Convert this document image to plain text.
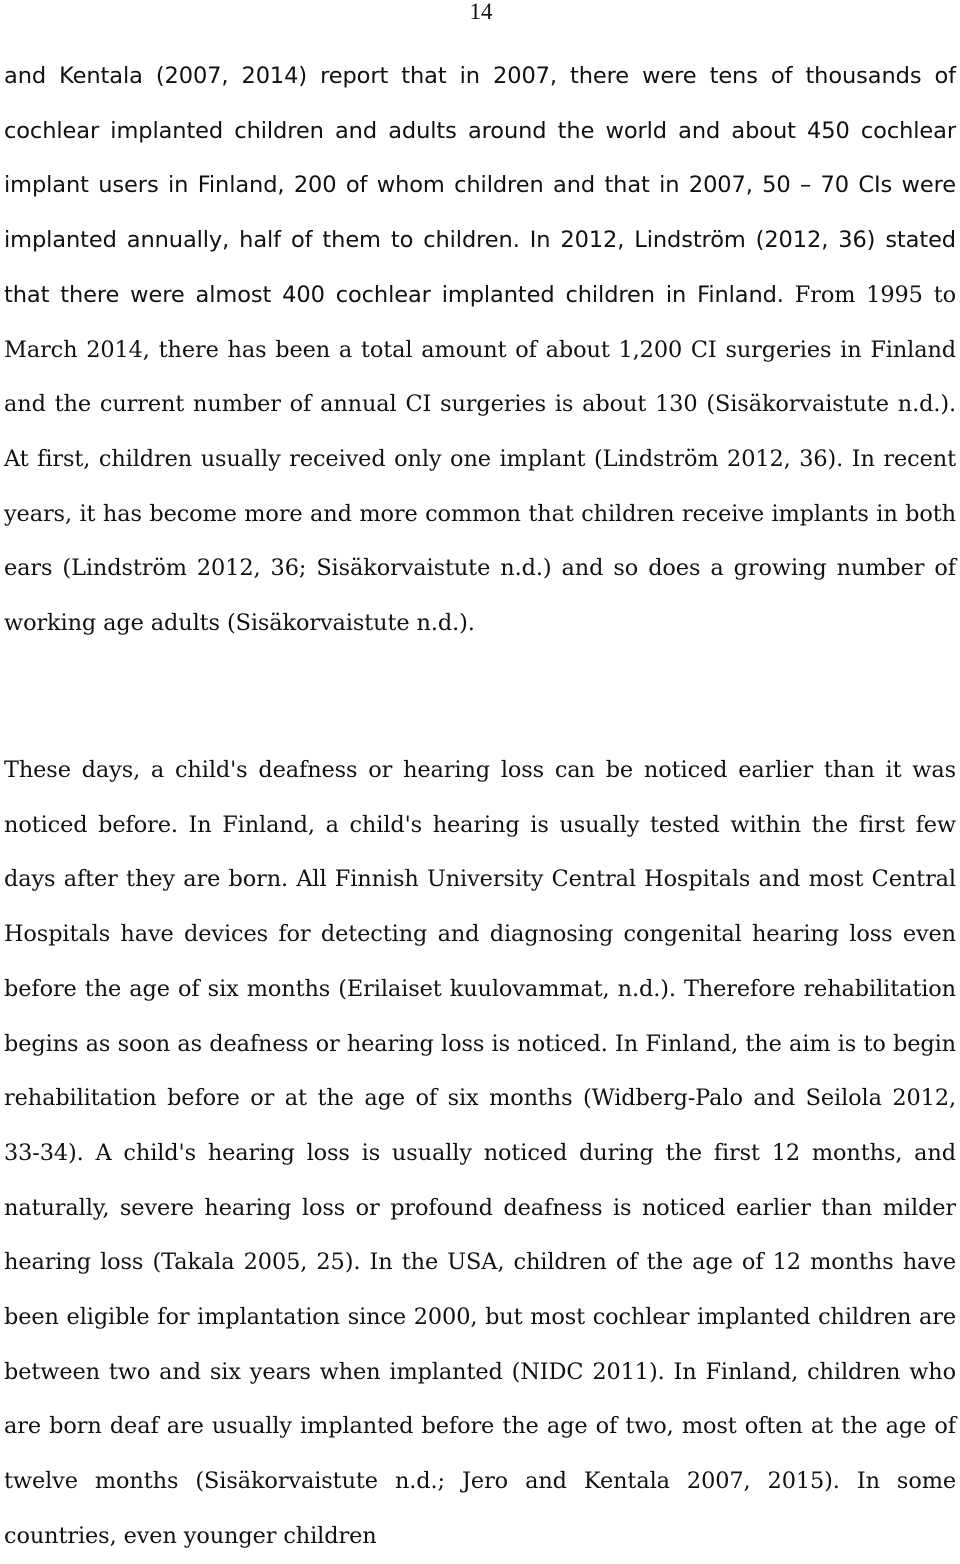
14

and Kentala (2007, 2014) report that in 2007, there were tens of thousands of cochlear implanted children and adults around the world and about 450 cochlear implant users in Finland, 200 of whom children and that in 2007, 50 – 70 CIs were implanted annually, half of them to children. In 2012, Lindström (2012, 36) stated that there were almost 400 cochlear implanted children in Finland. From 1995 to March 2014, there has been a total amount of about 1,200 CI surgeries in Finland and the current number of annual CI surgeries is about 130 (Sisäkorvaistute n.d.). At first, children usually received only one implant (Lindström 2012, 36). In recent years, it has become more and more common that children receive implants in both ears (Lindström 2012, 36; Sisäkorvaistute n.d.) and so does a growing number of working age adults (Sisäkorvaistute n.d.).

These days, a child's deafness or hearing loss can be noticed earlier than it was noticed before. In Finland, a child's hearing is usually tested within the first few days after they are born. All Finnish University Central Hospitals and most Central Hospitals have devices for detecting and diagnosing congenital hearing loss even before the age of six months (Erilaiset kuulovammat, n.d.). Therefore rehabilitation begins as soon as deafness or hearing loss is noticed. In Finland, the aim is to begin rehabilitation before or at the age of six months (Widberg-Palo and Seilola 2012, 33-34). A child's hearing loss is usually noticed during the first 12 months, and naturally, severe hearing loss or profound deafness is noticed earlier than milder hearing loss (Takala 2005, 25). In the USA, children of the age of 12 months have been eligible for implantation since 2000, but most cochlear implanted children are between two and six years when implanted (NIDC 2011). In Finland, children who are born deaf are usually implanted before the age of two, most often at the age of twelve months (Sisäkorvaistute n.d.; Jero and Kentala 2007, 2015). In some countries, even younger children
